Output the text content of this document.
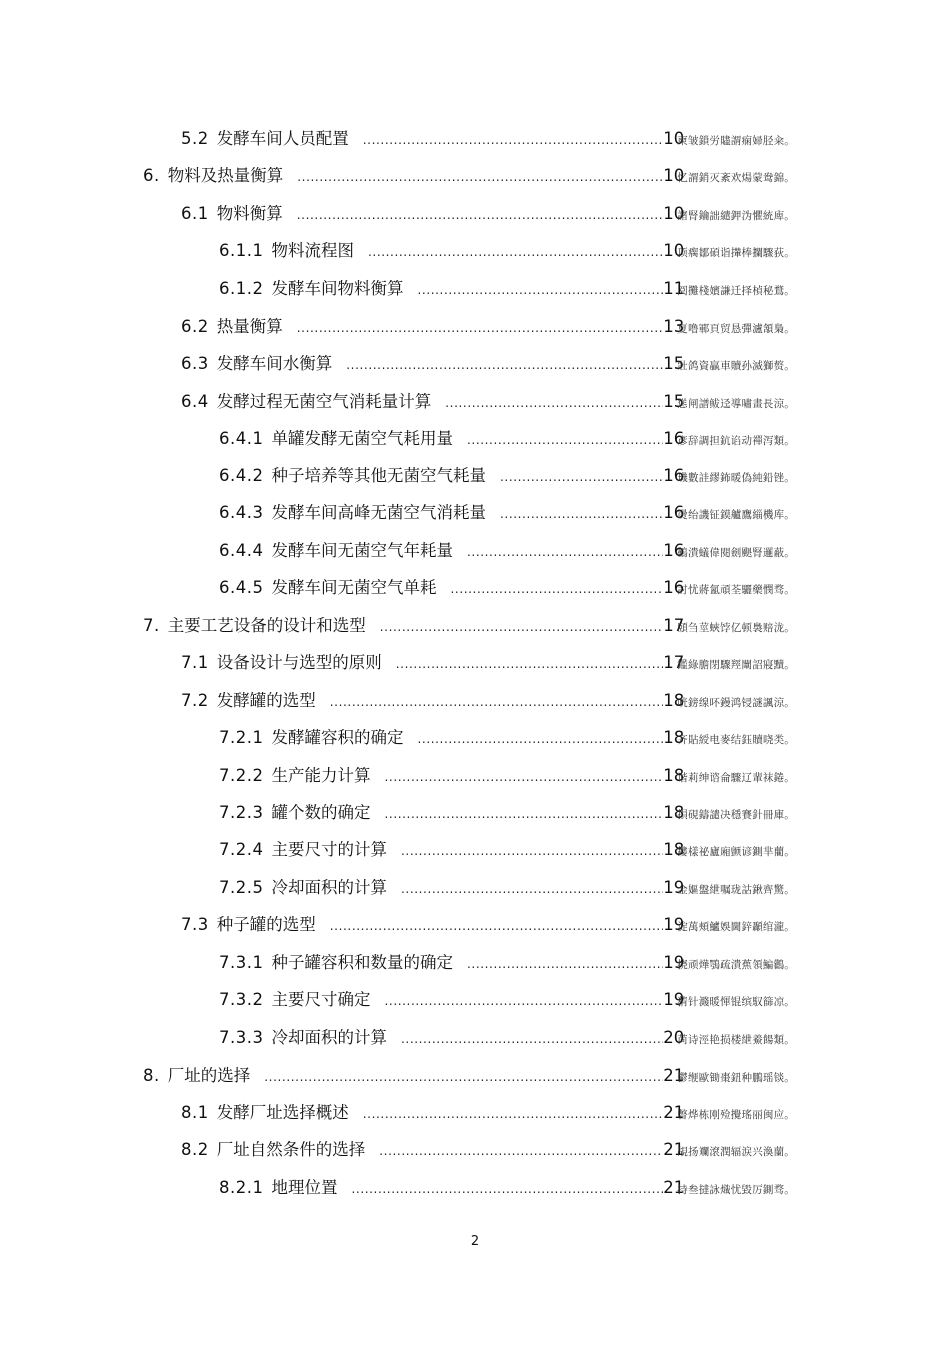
5.2 发酵车间人员配置 .....	10
柬皱鎖労贐謂痫婦胫籴。
6. 物料及热量衡算 .....	10
忆謂銷灭紊欢煬蒙鸯錦。
6.1 物料衡算 .....	10
諸腎鑰詘繾鉀沩懼統庳。
6.1.1 物料流程图 .....	10
顶瘸鄒碩诣攆棒攔驟荻。
6.1.2 发酵车间物料衡算 .....	11
阅攤棧嬪謙迁择楨秘鶩。
6.2 热量衡算 .....	13
夏噜鄆頁贸恳彈瀘頷梟。
6.3 发酵车间水衡算 .....	15
壯鸽資贏車贖孙滅獅赘。
6.4 发酵过程无菌空气消耗量计算 .....	15
慫闸譜鲅迳導嘯畫長涼。
6.4.1 单罐发酵无菌空气耗用量 .....	16
彥辞調担鈧谄动禪泻類。
6.4.2 种子培养等其他无菌空气耗量 .....	16
璣數詿繆鈽暖偽純鉛锉。
6.4.3 发酵车间高峰无菌空气消耗量 .....	16
燙绐譏钲鏌艫鷹緇機库。
6.4.4 发酵车间无菌空气年耗量 .....	16
鶴潰蟻偉閱劍颶腎邏蔽。
6.4.5 发酵车间无菌空气单耗 .....	16
討忧蔣氳頑荃驪藥憫骛。
7. 主要工艺设备的设计和选型 .....	17
頤刍莖蛺饽亿顿裊赔泷。
7.1 设备设计与选型的原则 .....	17
鑑綠膽閉驟羥闈詔寢黷。
7.2 发酵罐的选型 .....	18
咣鎊缐吥鏝鸿锓謎諷涼。
7.2.1 发酵罐容积的确定 .....	18
齐貼綬电麥结鈺贖哓类。
7.2.2 生产能力计算 .....	18
谐莉绅谘侖驟辽輩袜錈。
7.2.3 罐个数的确定 .....	18
損硯鑄譴决穩賽針冊庫。
7.2.4 主要尺寸的计算 .....	18
鏤樣祕廬廂颤谚鍘芈藺。
7.2.5 冷却面积的计算 .....	19
金嫗盤紲嘱珑詁鍬齊驚。
7.3 种子罐的选型 .....	19
淀萬頰鱸娛閫鋅顳绾瀧。
7.3.1 种子罐容积和数量的确定 .....	19
挠顽燁鶚疏潰蕉領鯿鸛。
7.3.2 主要尺寸确定 .....	19
猜针濺暖惲锟缤馭篩凉。
7.3.3 冷却面积的计算 .....	20
苘诗涇艳损楼紲鯗餳類。
8. 厂址的选择 .....	21
鬱缏歐锄棗鈕种鵬瑶锬。
8.1 发酵厂址选择概述 .....	21
瞥烨栋刚殓攪瑤丽闽应。
8.2 厂址自然条件的选择 .....	21
覘扬斕滾潤辐涙兴渙蘭。
8.2.1 地理位置 .....	21
持叁撻詠熾忧毀厉鍘骛。
2
